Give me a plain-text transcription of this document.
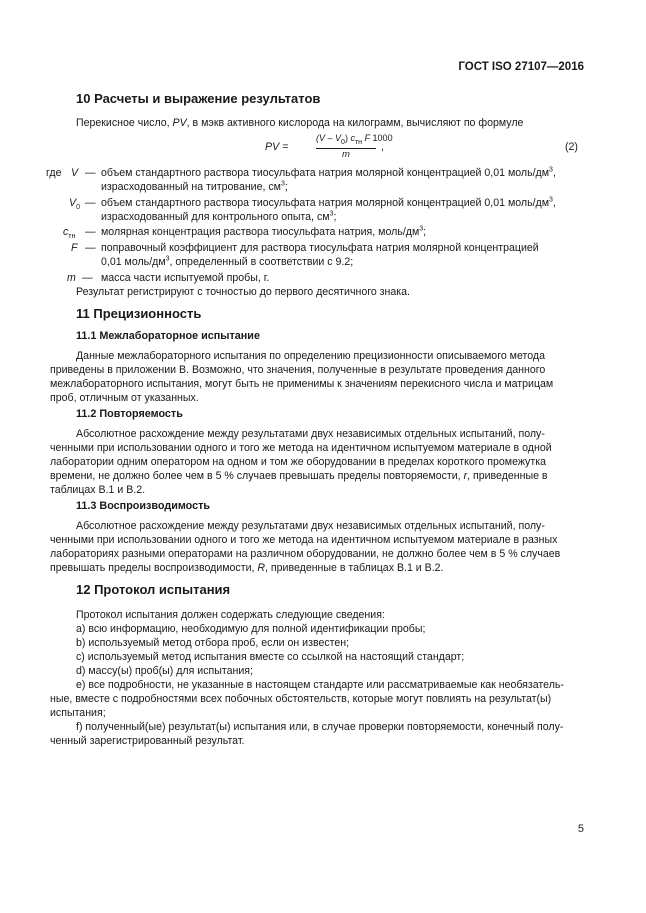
ГОСТ ISO 27107—2016
10 Расчеты и выражение результатов
Перекисное число, PV, в мэкв активного кислорода на килограмм, вычисляют по формуле
PV =
$(V - V_0)$ $c_{тн}$ F 1000
m
,	(2)
где V — объем стандартного раствора тиосульфата натрия молярной концентрацией 0,01 моль/$дм^3$,
израсходованный на титрование, $см^3$;
$V_0$ — объем стандартного раствора тиосульфата натрия молярной концентрацией 0,01 моль/$дм^3$,
израсходованный для контрольного опыта, $см^3$;
$c_{тн}$ — молярная концентрация раствора тиосульфата натрия, моль/$дм^3$;
F — поправочный коэффициент для раствора тиосульфата натрия молярной концентрацией
0,01 моль/$дм^3$, определенный в соответствии с 9.2;
m — масса части испытуемой пробы, г.
Результат регистрируют с точностью до первого десятичного знака.
11 Прецизионность
11.1 Межлабораторное испытание
Данные межлабораторного испытания по определению прецизионности описываемого метода
приведены в приложении В. Возможно, что значения, полученные в результате проведения данного
межлабораторного испытания, могут быть не применимы к значениям перекисного числа и матрицам
проб, отличным от указанных.
11.2 Повторяемость
Абсолютное расхождение между результатами двух независимых отдельных испытаний, полу-
ченными при использовании одного и того же метода на идентичном испытуемом материале в одной
лаборатории одним оператором на одном и том же оборудовании в пределах короткого промежутка
времени, не должно более чем в 5 % случаев превышать пределы повторяемости, r, приведенные в
таблицах В.1 и В.2.
11.3 Воспроизводимость
Абсолютное расхождение между результатами двух независимых отдельных испытаний, полу-
ченными при использовании одного и того же метода на идентичном испытуемом материале в разных
лабораториях разными операторами на различном оборудовании, не должно более чем в 5 % случаев
превышать пределы воспроизводимости, R, приведенные в таблицах В.1 и В.2.
12 Протокол испытания
Протокол испытания должен содержать следующие сведения:
a) всю информацию, необходимую для полной идентификации пробы;
b) используемый метод отбора проб, если он известен;
c) используемый метод испытания вместе со ссылкой на настоящий стандарт;
d) массу(ы) проб(ы) для испытания;
e) все подробности, не указанные в настоящем стандарте или рассматриваемые как необязатель-
ные, вместе с подробностями всех побочных обстоятельств, которые могут повлиять на результат(ы)
испытания;
f) полученный(ые) результат(ы) испытания или, в случае проверки повторяемости, конечный полу-
ченный зарегистрированный результат.
5
